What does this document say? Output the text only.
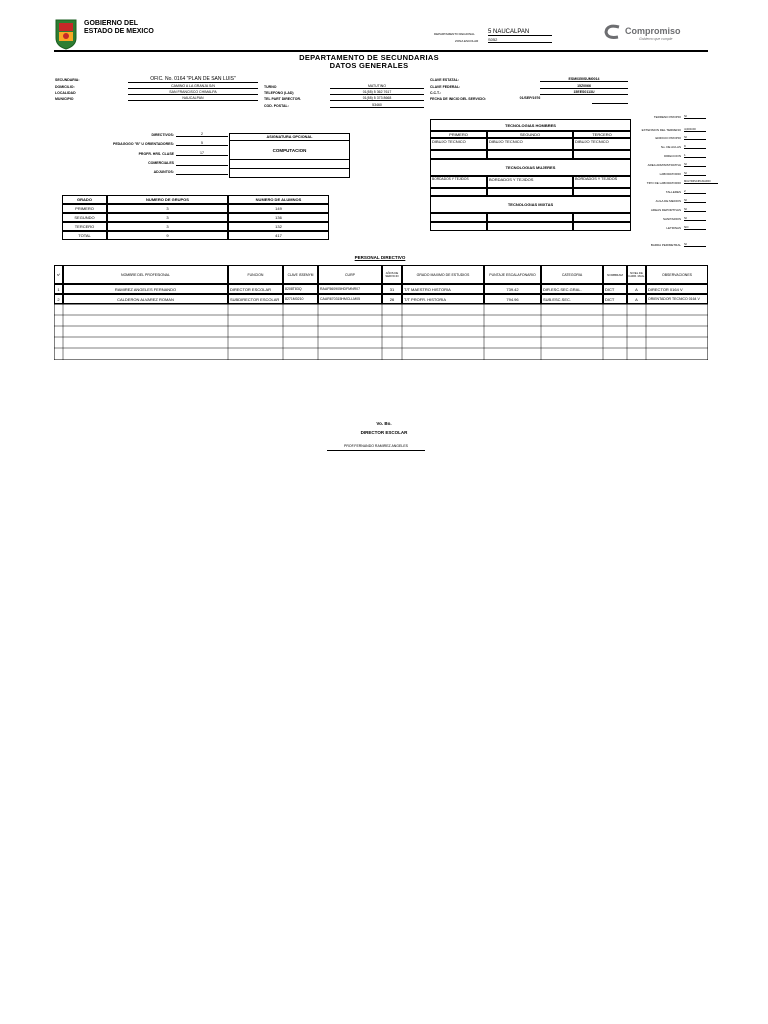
GOBIERNO DEL
ESTADO DE MEXICO	DEPARTAMENTO REGIONAL 5 NAUCALPAN
ZONA ESCOLAR S052
Compromiso
Gobierno que cumple
DEPARTAMENTO DE SECUNDARIAS
DATOS GENERALES
SECUNDARIA:	OFIC. No. 0164 "PLAN DE SAN LUIS"
DOMICILIO:	CAMINO A LA GRANJA S/N
LOCALIDAD	SAN FRANCISCO CHIMALPA
MUNICIPIO	NAUCALPAN
TURNO	MATUTINO
TELEFONO (LAD)	01(55) 5 362 7617
TEL PART DIRECTOR.	01(55) 5 373 8668
COD. POSTAL:	53460
CLAVE ESTATAL:	ESM0350SUM0014
CLAVE FEDERAL:	15Z0066
C.C.T.:	15EES0113U
FECHA DE INICIO DEL SERVICIO:	01/SEP/1976
DIRECTIVOS:	2
PEDAGOGO "B" U ORIENTADORES:	5
PROFR. HRS. CLASE	17
COMERCIALES
ADJUNTOS:
ASIGNATURA OPCIONAL
COMPUTACION
GRADO	NUMERO DE GRUPOS	NUMERO DE ALUMNOS
PRIMERO	3	149
SEGUNDO	3	136
TERCERO	3	132
TOTAL	9	417
TECNOLOGIAS HOMBRES
PRIMERO	SEGUNDO	TERCERO
DIBUJO TECNICO	DIBUJO TECNICO	DIBUJO TECNICO
TECNOLOGIAS MUJERES
BORDADOS Y TEJIDOS	BORDADOS Y TEJIDOS	BORDADOS Y TEJIDOS
TECNOLOGIAS MIXTAS
TERRENO PROPIO SI
EXTENSION DEL TERRENO 4,000.00
EDIFICIO PROPIO SI
No. DE AULAS 9
DIRECCION 1
AREA ADMINISTRATIVA SI
LABORATORIO SI
TIPO DE LABORATORIO MULTIDISCIPLINARIO
TALLERES 2
AULA DE MEDIOS SI
AREAS DEPORTIVAS SI
SANITARIOS SI
LETRINAS NO
BARDA PERIMETRAL SI
PERSONAL DIRECTIVO
Nº	NOMBRE DEL PROFESIONAL	FUNCION	CLAVE ISSEMYM	CURP	AÑOS DE SERVICIO	GRADO MAXIMO DE ESTUDIOS	PUNTAJE ESCALAFONARIO	CATEGORIA	NOMBRAM	NIVEL DE CARR. MAG.	OBSERVACIONES
1	RAMIREZ ANGELES FERNANDO	DIRECTOR ESCOLAR	8208T83Q	RAAF560905HDFMNR07	31	T/T MAESTRO HISTORIA	739.42	DIR.ESC.SEC.GRAL.	DICT	A	DIRECTOR 0164 V
2	CALDERON ALVAREZ ROMAN	SUBDIRECTOR ESCOLAR	8271M0210	CAAR670315HMCLLM05	26	T/T PROFR. HISTORIA	794.96	SUB.ESC.SEC.	DICT	A	ORIENTADOR TECNICO 0164 V
Vo. Bo.
DIRECTOR ESCOLAR
PROF.FERNANDO RAMIREZ ANGELES
